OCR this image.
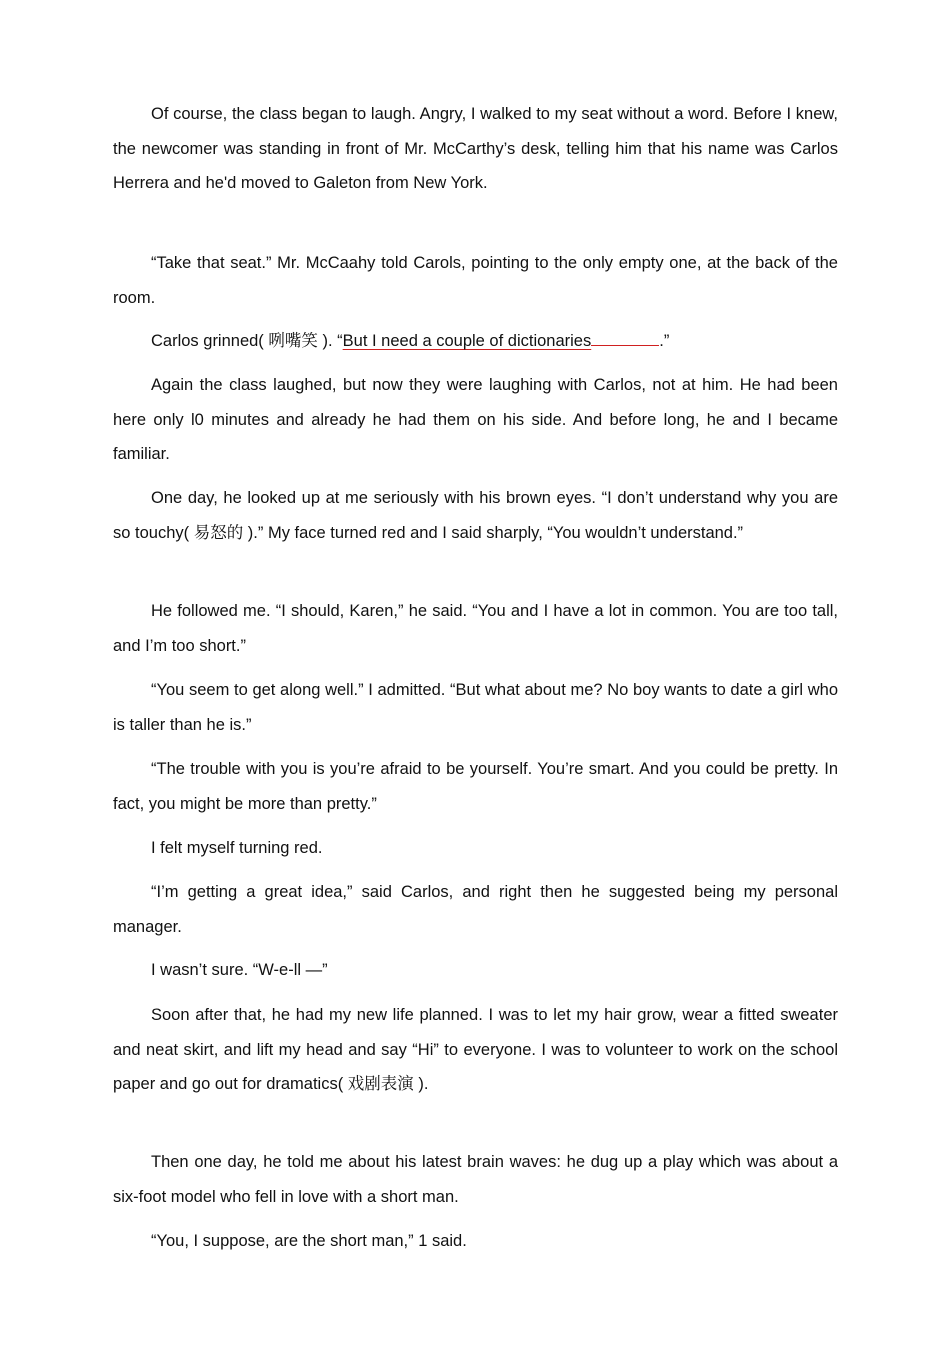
Of course, the class began to laugh. Angry, I walked to my seat without a word. Before I knew, the newcomer was standing in front of Mr. McCarthy’s desk, telling him that his name was Carlos Herrera and he'd moved to Galeton from New York.

“Take that seat.” Mr. McCaahy told Carols, pointing to the only empty one, at the back of the room.

Carlos grinned( 咧嘴笑 ). “But I need a couple of dictionaries	.”

Again the class laughed, but now they were laughing with Carlos, not at him. He had been here only l0 minutes and already he had them on his side. And before long, he and I became familiar.

One day, he looked up at me seriously with his brown eyes. “I don’t understand why you are so touchy( 易怒的 ).” My face turned red and I said sharply, “You wouldn’t understand.”

He followed me. “I should, Karen,” he said. “You and I have a lot in common. You are too tall, and I’m too short.”

“You seem to get along well.” I admitted. “But what about me? No boy wants to date a girl who is taller than he is.”

“The trouble with you is you’re afraid to be yourself. You’re smart. And you could be pretty. In fact, you might be more than pretty.”

I felt myself turning red.

“I’m getting a great idea,” said Carlos, and right then he suggested being my personal manager.

I wasn’t sure. “W-e-ll —”

Soon after that, he had my new life planned. I was to let my hair grow, wear a fitted sweater and neat skirt, and lift my head and say “Hi” to everyone. I was to volunteer to work on the school paper and go out for dramatics( 戏剧表演 ).

Then one day, he told me about his latest brain waves: he dug up a play which was about a six-foot model who fell in love with a short man.

“You, I suppose, are the short man,” 1 said.
